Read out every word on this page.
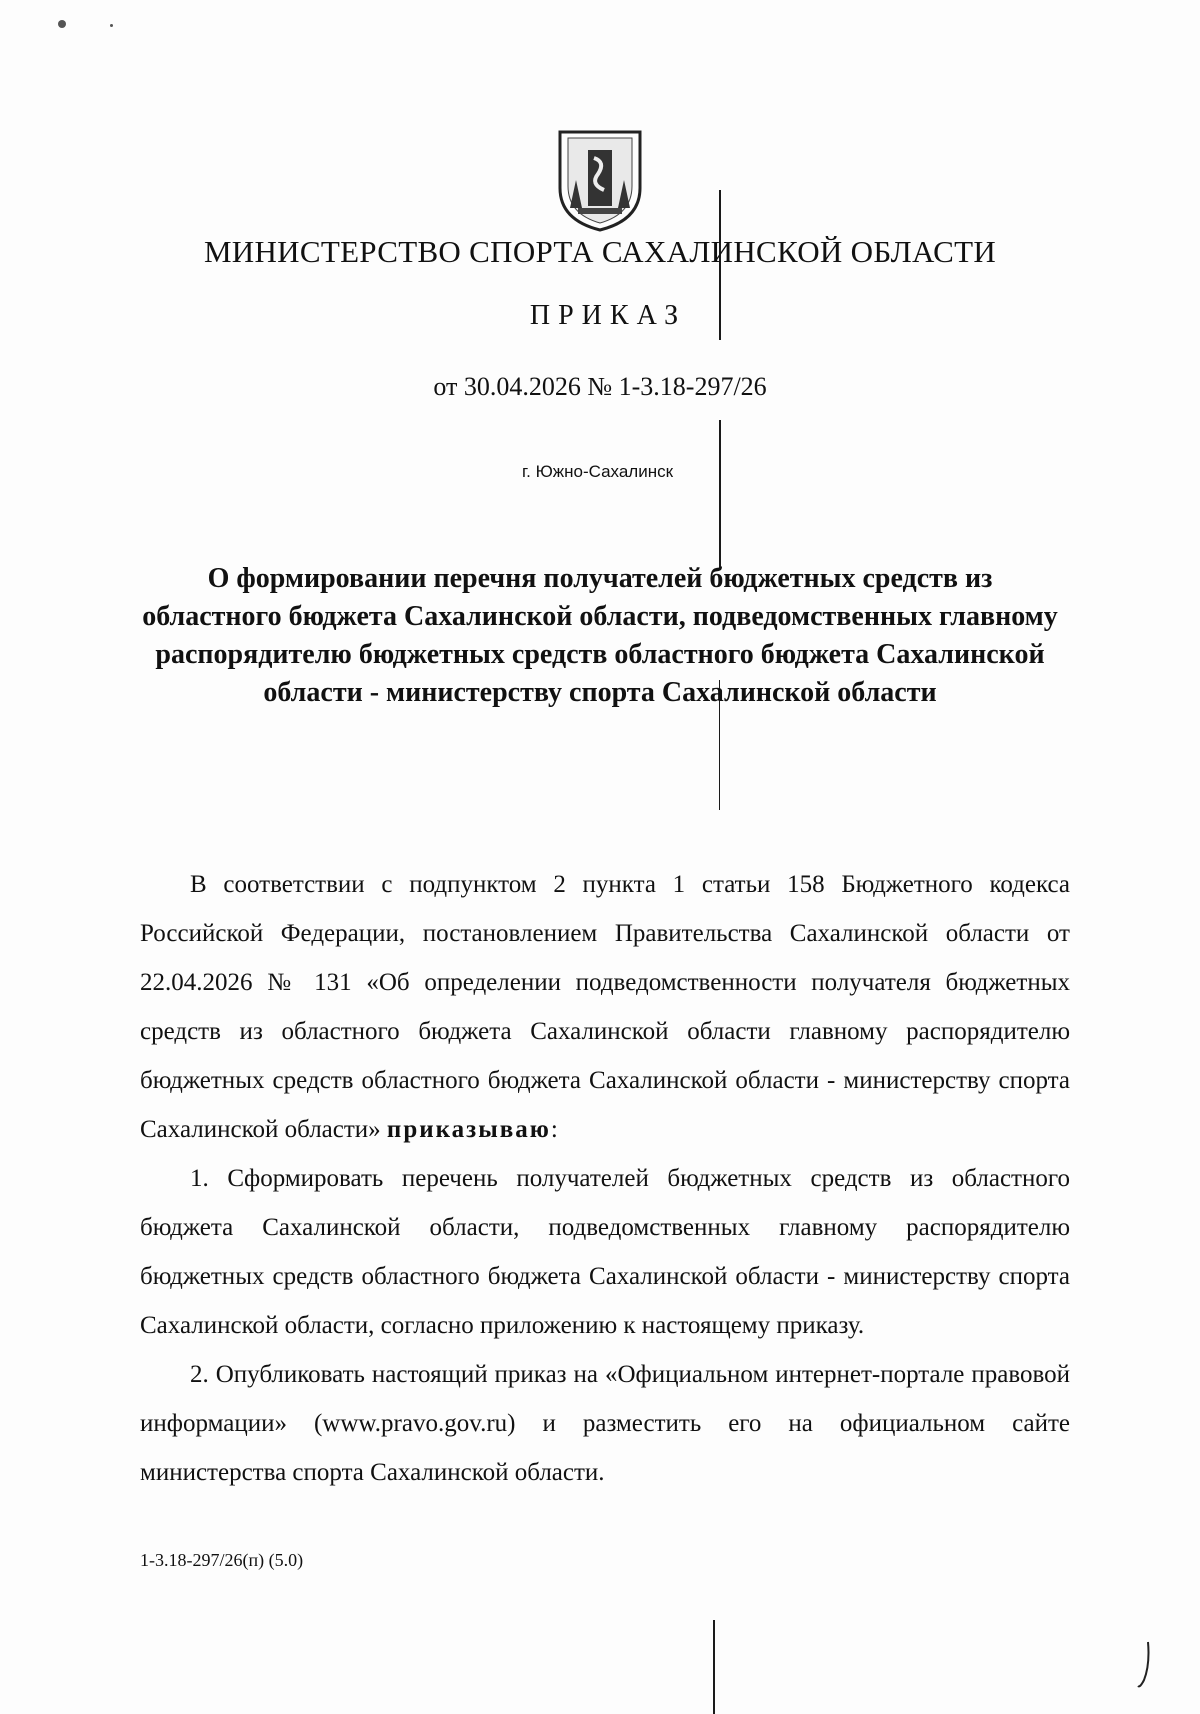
МИНИСТЕРСТВО СПОРТА САХАЛИНСКОЙ ОБЛАСТИ
ПРИКАЗ
от 30.04.2026 № 1-3.18-297/26
г. Южно-Сахалинск
О формировании перечня получателей бюджетных средств из областного бюджета Сахалинской области, подведомственных главному распорядителю бюджетных средств областного бюджета Сахалинской области - министерству спорта Сахалинской области

В соответствии с подпунктом 2 пункта 1 статьи 158 Бюджетного кодекса Российской Федерации, постановлением Правительства Сахалинской области от 22.04.2026 № 131 «Об определении подведомственности получателя бюджетных средств из областного бюджета Сахалинской области главному распорядителю бюджетных средств областного бюджета Сахалинской области - министерству спорта Сахалинской области» приказываю:

1. Сформировать перечень получателей бюджетных средств из областного бюджета Сахалинской области, подведомственных главному распорядителю бюджетных средств областного бюджета Сахалинской области - министерству спорта Сахалинской области, согласно приложению к настоящему приказу.

2. Опубликовать настоящий приказ на «Официальном интернет-портале правовой информации» (www.pravo.gov.ru) и разместить его на официальном сайте министерства спорта Сахалинской области.

1-3.18-297/26(п) (5.0)
